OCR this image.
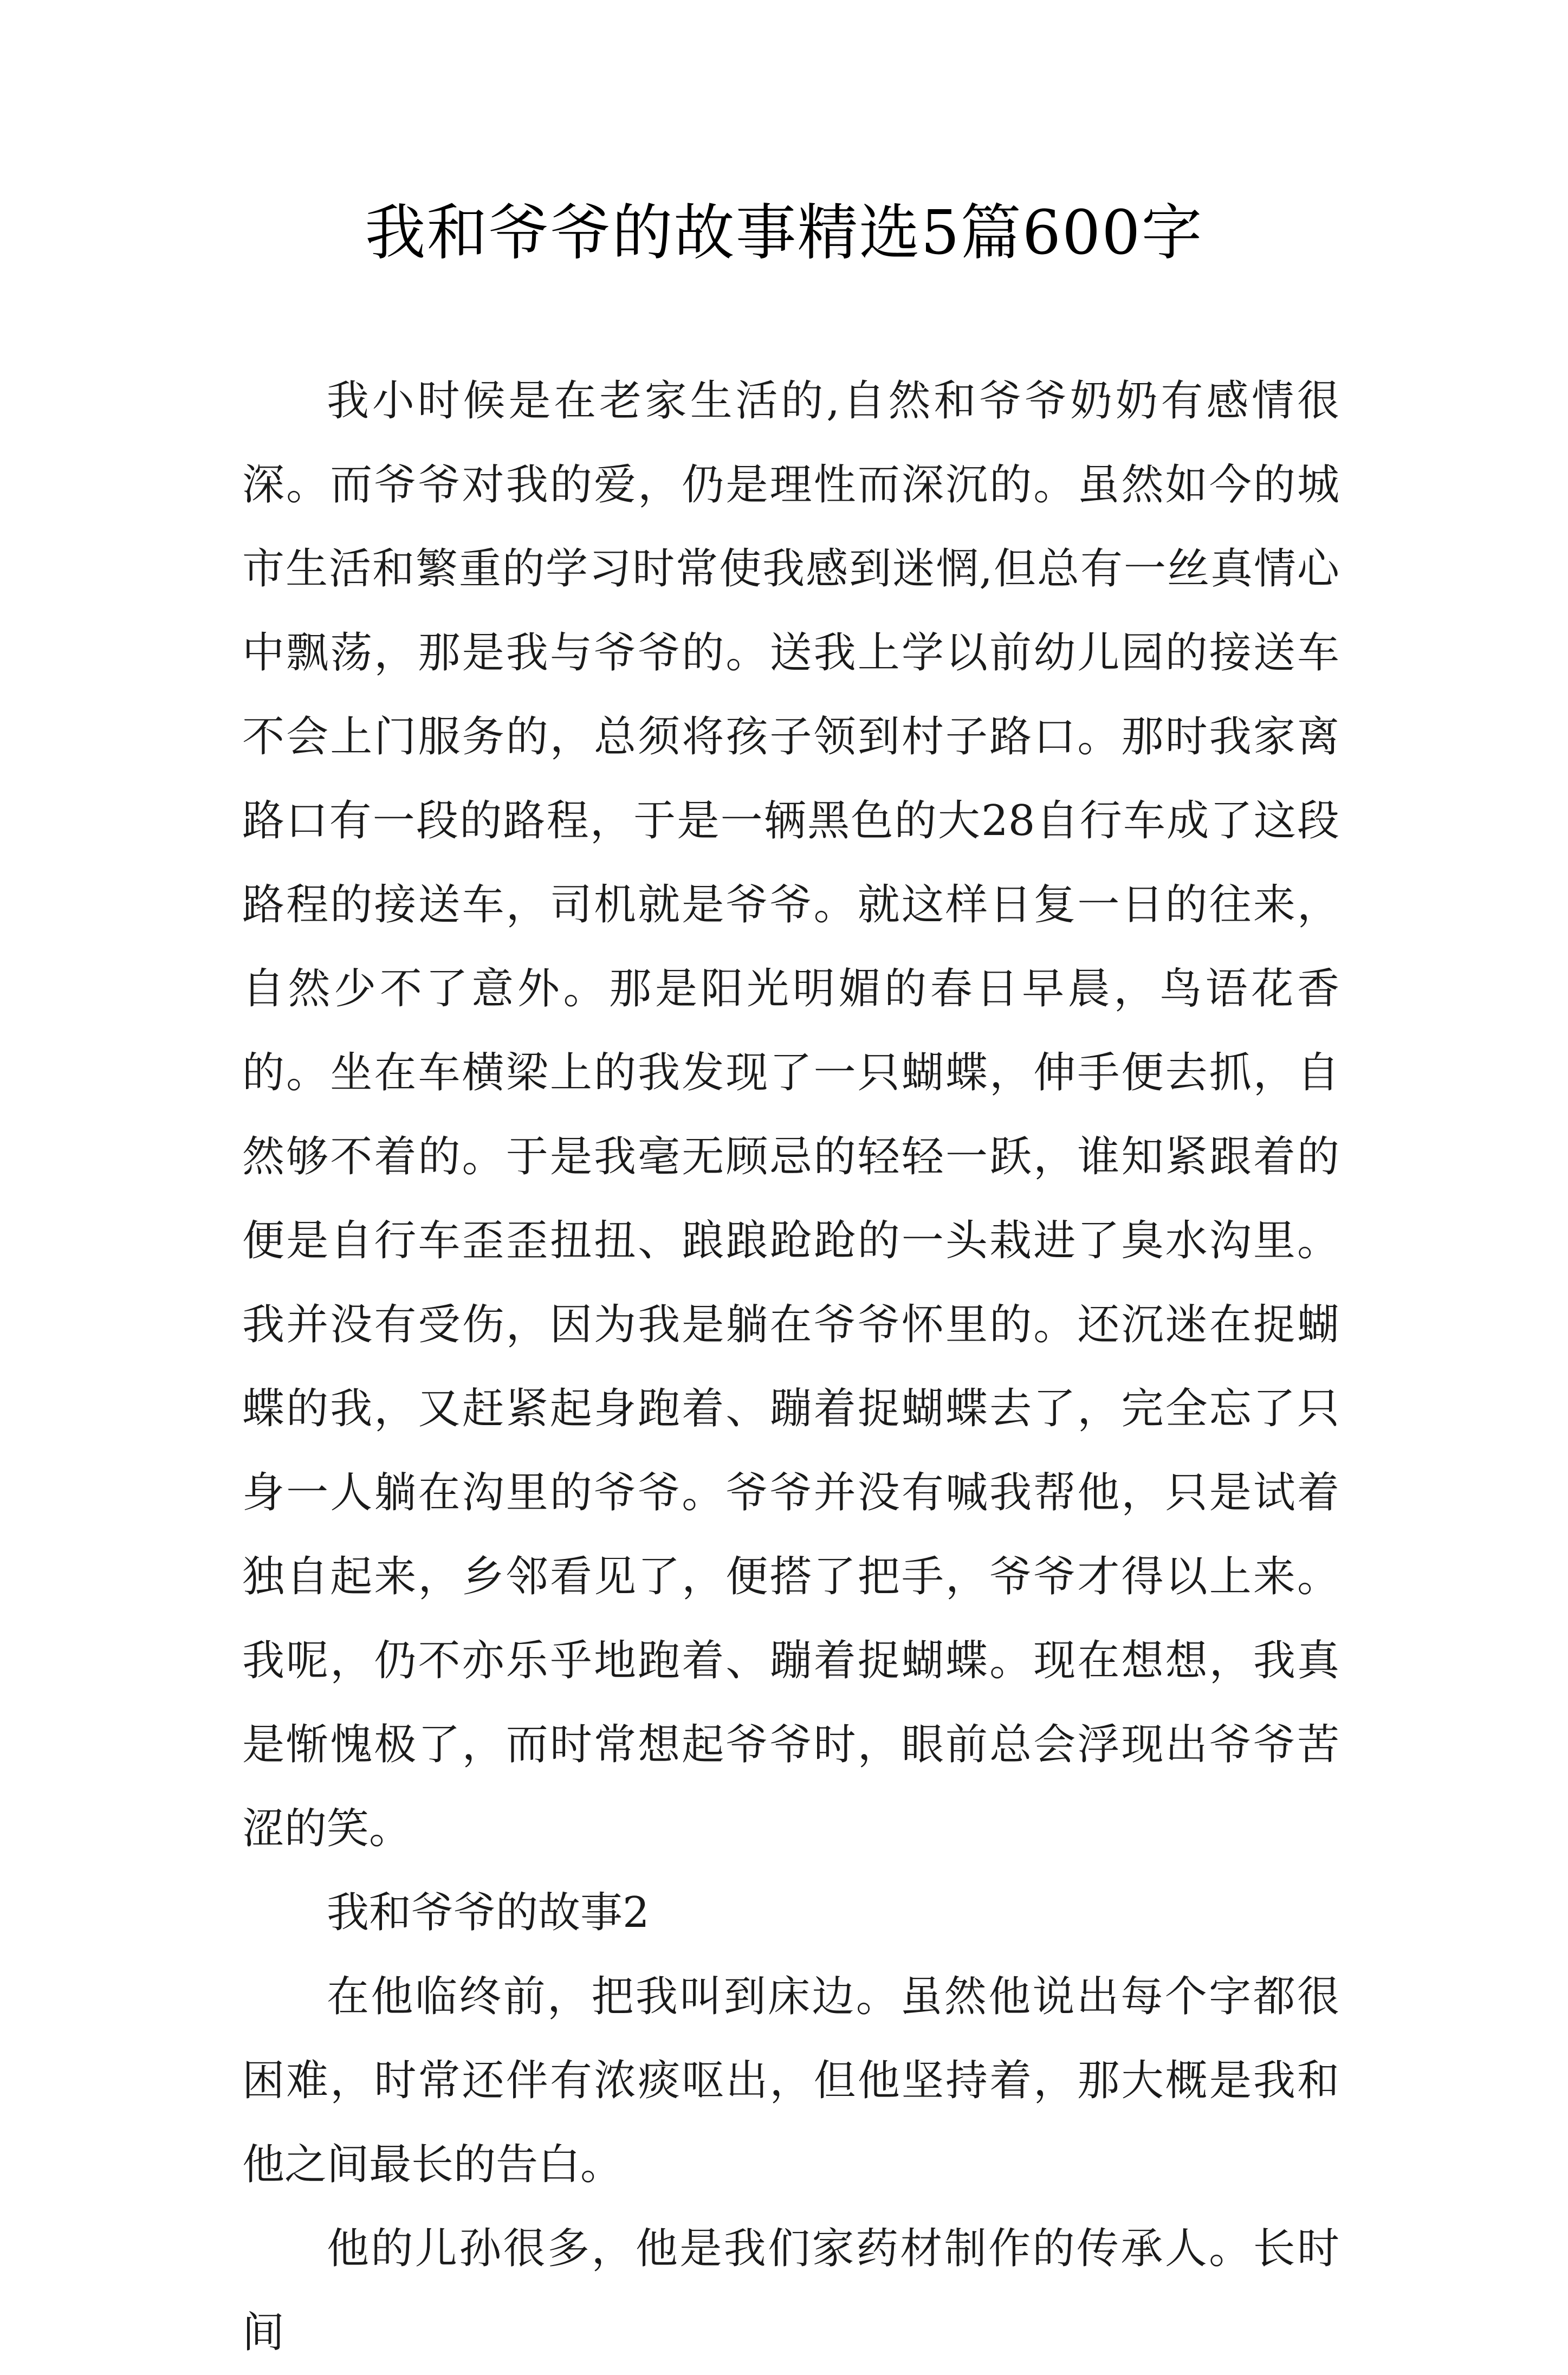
我和爷爷的故事精选5篇600字

我小时候是在老家生活的,自然和爷爷奶奶有感情很深。而爷爷对我的爱，仍是理性而深沉的。虽然如今的城市生活和繁重的学习时常使我感到迷惘,但总有一丝真情心中飘荡，那是我与爷爷的。送我上学以前幼儿园的接送车不会上门服务的，总须将孩子领到村子路口。那时我家离路口有一段的路程，于是一辆黑色的大28自行车成了这段路程的接送车，司机就是爷爷。就这样日复一日的往来，自然少不了意外。那是阳光明媚的春日早晨，鸟语花香的。坐在车横梁上的我发现了一只蝴蝶，伸手便去抓，自然够不着的。于是我毫无顾忌的轻轻一跃，谁知紧跟着的便是自行车歪歪扭扭、踉踉跄跄的一头栽进了臭水沟里。我并没有受伤，因为我是躺在爷爷怀里的。还沉迷在捉蝴蝶的我，又赶紧起身跑着、蹦着捉蝴蝶去了，完全忘了只身一人躺在沟里的爷爷。爷爷并没有喊我帮他，只是试着独自起来，乡邻看见了，便搭了把手，爷爷才得以上来。我呢，仍不亦乐乎地跑着、蹦着捉蝴蝶。现在想想，我真是惭愧极了，而时常想起爷爷时，眼前总会浮现出爷爷苦涩的笑。

我和爷爷的故事2

在他临终前，把我叫到床边。虽然他说出每个字都很困难，时常还伴有浓痰呕出，但他坚持着，那大概是我和他之间最长的告白。

他的儿孙很多，他是我们家药材制作的传承人。长时间
